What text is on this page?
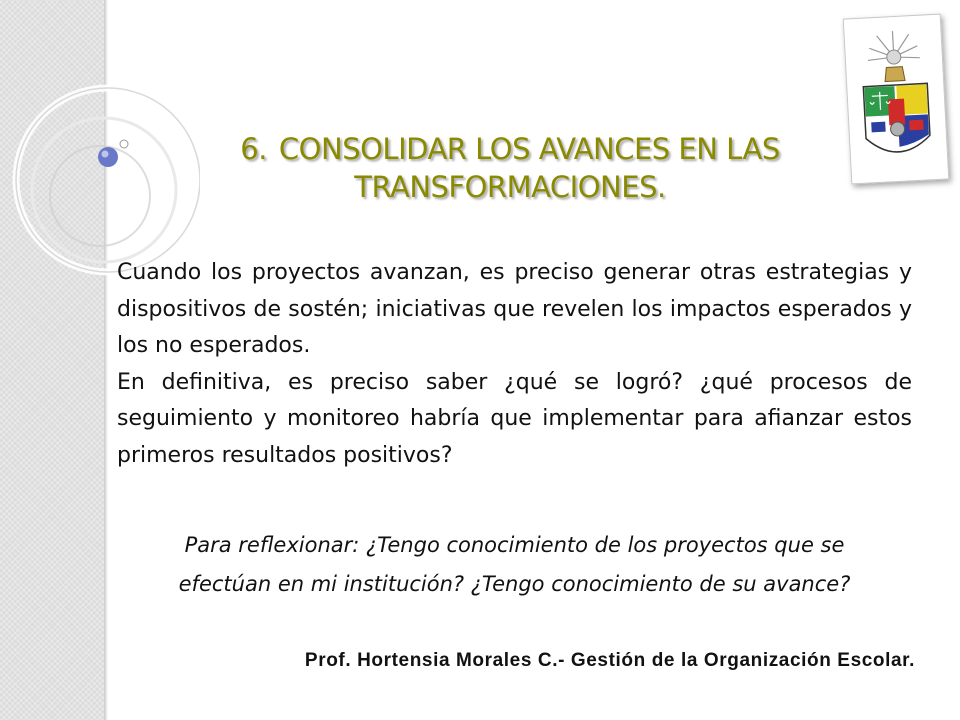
6. CONSOLIDAR LOS AVANCES EN LAS
TRANSFORMACIONES.

Cuando los proyectos avanzan, es preciso generar otras estrategias y dispositivos de sostén; iniciativas que revelen los impactos esperados y los no esperados.

En definitiva, es preciso saber ¿qué se logró? ¿qué procesos de seguimiento y monitoreo habría que implementar para afianzar estos primeros resultados positivos?

Para reflexionar: ¿Tengo conocimiento de los proyectos que se
efectúan en mi institución? ¿Tengo conocimiento de su avance?
Prof. Hortensia Morales C.- Gestión de la Organización Escolar.
